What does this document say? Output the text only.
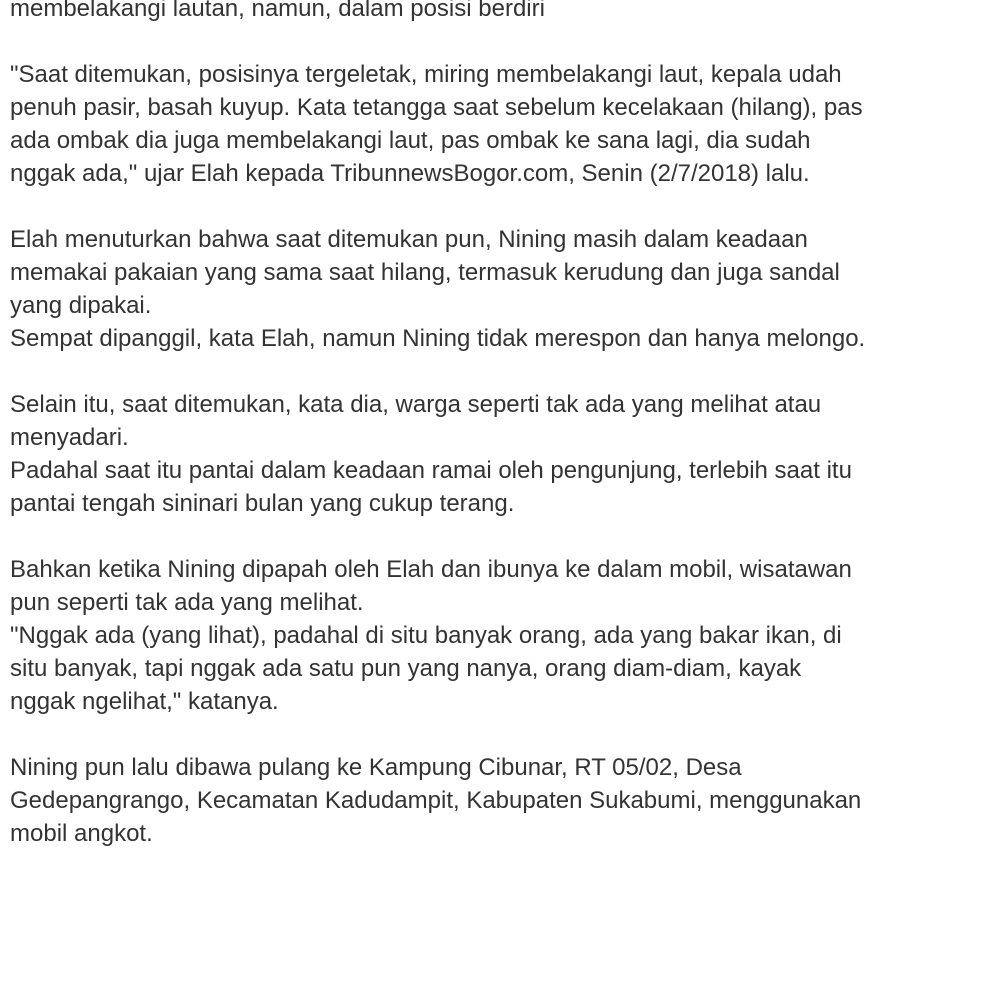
membelakangi lautan, namun, dalam posisi berdiri

"Saat ditemukan, posisinya tergeletak, miring membelakangi laut, kepala udah
penuh pasir, basah kuyup. Kata tetangga saat sebelum kecelakaan (hilang), pas
ada ombak dia juga membelakangi laut, pas ombak ke sana lagi, dia sudah
nggak ada," ujar Elah kepada TribunnewsBogor.com, Senin (2/7/2018) lalu.

Elah menuturkan bahwa saat ditemukan pun, Nining masih dalam keadaan
memakai pakaian yang sama saat hilang, termasuk kerudung dan juga sandal
yang dipakai.
Sempat dipanggil, kata Elah, namun Nining tidak merespon dan hanya melongo.

Selain itu, saat ditemukan, kata dia, warga seperti tak ada yang melihat atau
menyadari.
Padahal saat itu pantai dalam keadaan ramai oleh pengunjung, terlebih saat itu
pantai tengah sininari bulan yang cukup terang.

Bahkan ketika Nining dipapah oleh Elah dan ibunya ke dalam mobil, wisatawan
pun seperti tak ada yang melihat.
"Nggak ada (yang lihat), padahal di situ banyak orang, ada yang bakar ikan, di
situ banyak, tapi nggak ada satu pun yang nanya, orang diam-diam, kayak
nggak ngelihat," katanya.

Nining pun lalu dibawa pulang ke Kampung Cibunar, RT 05/02, Desa
Gedepangrango, Kecamatan Kadudampit, Kabupaten Sukabumi, menggunakan
mobil angkot.
